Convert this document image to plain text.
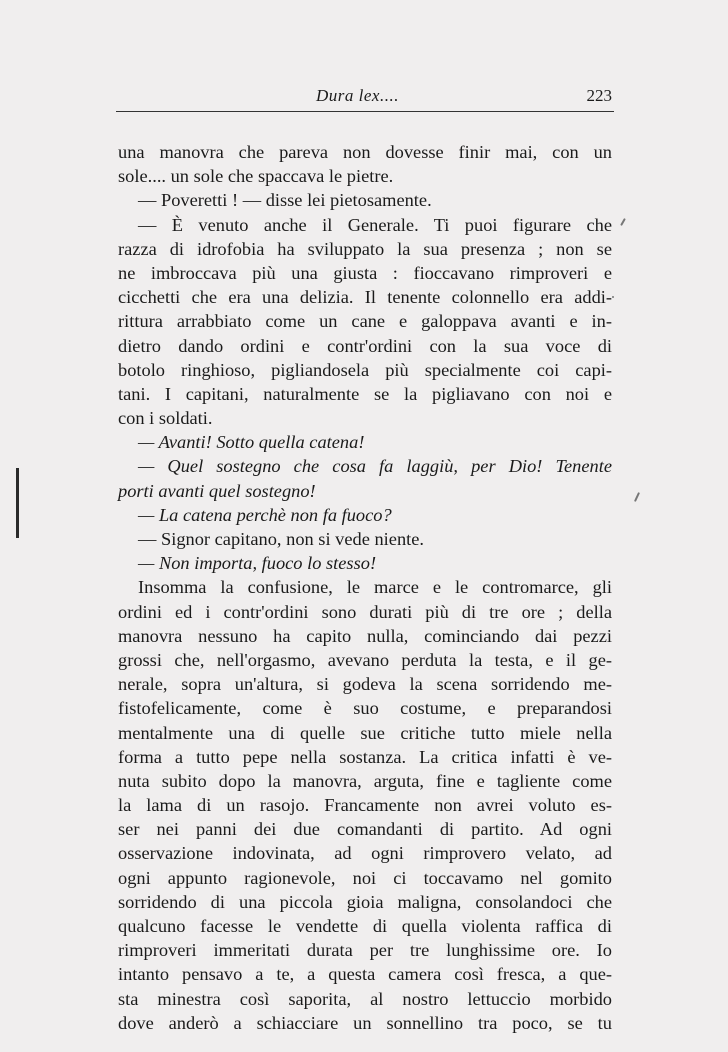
Dura lex....	223
una manovra che pareva non dovesse finir mai, con un
sole.... un sole che spaccava le pietre.
— Poveretti ! — disse lei pietosamente.
— È venuto anche il Generale. Ti puoi figurare che
razza di idrofobia ha sviluppato la sua presenza ; non se
ne imbroccava più una giusta : fioccavano rimproveri e
cicchetti che era una delizia. Il tenente colonnello era addi-
rittura arrabbiato come un cane e galoppava avanti e in-
dietro dando ordini e contr'ordini con la sua voce di
botolo ringhioso, pigliandosela più specialmente coi capi-
tani. I capitani, naturalmente se la pigliavano con noi e
con i soldati.
— Avanti! Sotto quella catena!
— Quel sostegno che cosa fa laggiù, per Dio! Tenente
porti avanti quel sostegno!
— La catena perchè non fa fuoco?
— Signor capitano, non si vede niente.
— Non importa, fuoco lo stesso!
Insomma la confusione, le marce e le contromarce, gli
ordini ed i contr'ordini sono durati più di tre ore ; della
manovra nessuno ha capito nulla, cominciando dai pezzi
grossi che, nell'orgasmo, avevano perduta la testa, e il ge-
nerale, sopra un'altura, si godeva la scena sorridendo me-
fistofelicamente, come è suo costume, e preparandosi
mentalmente una di quelle sue critiche tutto miele nella
forma a tutto pepe nella sostanza. La critica infatti è ve-
nuta subito dopo la manovra, arguta, fine e tagliente come
la lama di un rasojo. Francamente non avrei voluto es-
ser nei panni dei due comandanti di partito. Ad ogni
osservazione indovinata, ad ogni rimprovero velato, ad
ogni appunto ragionevole, noi ci toccavamo nel gomito
sorridendo di una piccola gioia maligna, consolandoci che
qualcuno facesse le vendette di quella violenta raffica di
rimproveri immeritati durata per tre lunghissime ore. Io
intanto pensavo a te, a questa camera così fresca, a que-
sta minestra così saporita, al nostro lettuccio morbido
dove anderò a schiacciare un sonnellino tra poco, se tu
